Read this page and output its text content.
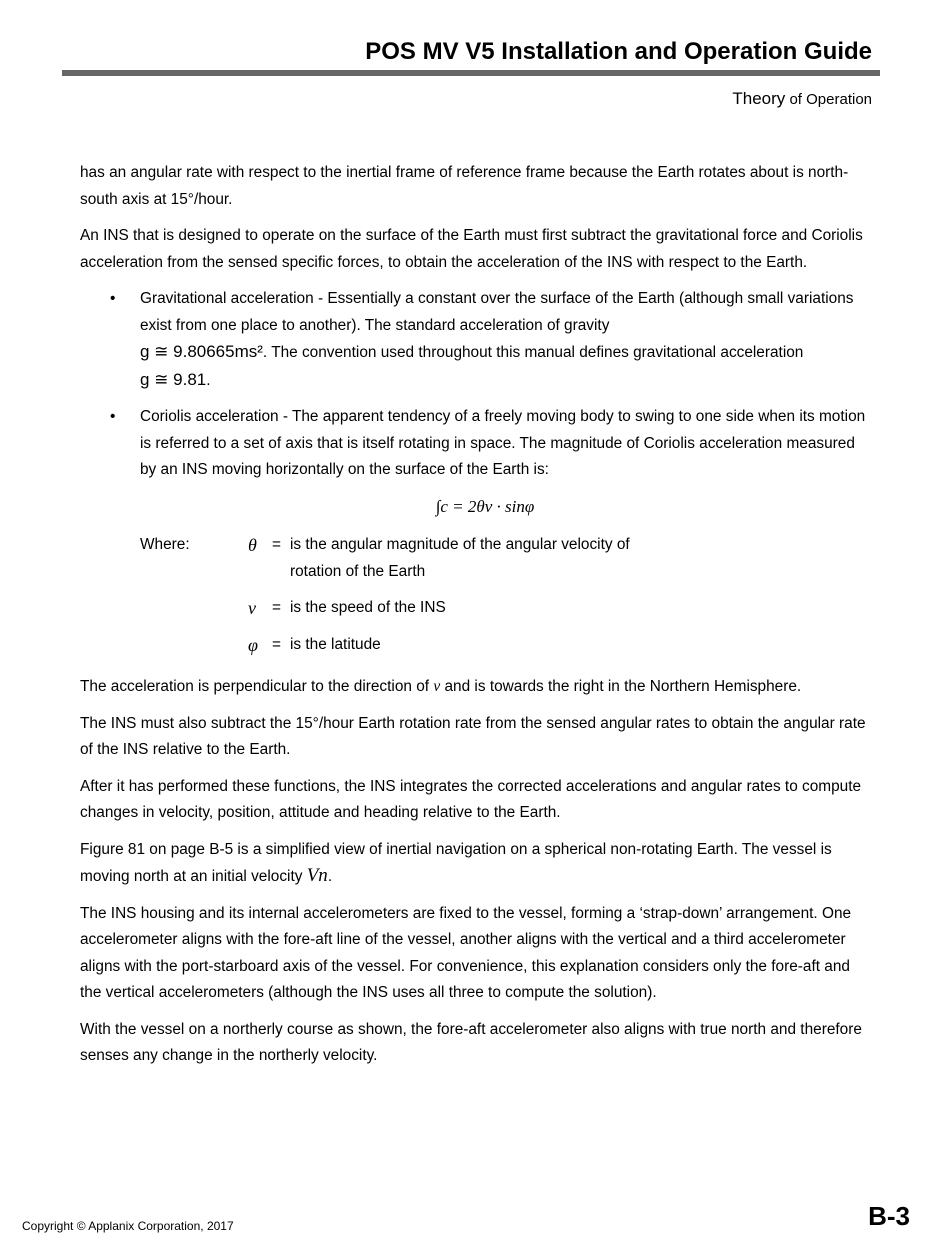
POS MV V5 Installation and Operation Guide
Theory of Operation

has an angular rate with respect to the inertial frame of reference frame because the Earth rotates about is north-south axis at 15°/hour.

An INS that is designed to operate on the surface of the Earth must first subtract the gravitational force and Coriolis acceleration from the sensed specific forces, to obtain the acceleration of the INS with respect to the Earth.

• Gravitational acceleration - Essentially a constant over the surface of the Earth (although small variations exist from one place to another). The standard acceleration of gravity
g ≅ 9.80665ms². The convention used throughout this manual defines gravitational acceleration
g ≅ 9.81.
• Coriolis acceleration - The apparent tendency of a freely moving body to swing to one side when its motion is referred to a set of axis that is itself rotating in space. The magnitude of Coriolis acceleration measured by an INS moving horizontally on the surface of the Earth is:
∫c = 2θν · sinφ
Where:	θ = is the angular magnitude of the angular velocity of rotation of the Earth
ν	= is the speed of the INS
φ = is the latitude

The acceleration is perpendicular to the direction of ν and is towards the right in the Northern Hemisphere.

The INS must also subtract the 15°/hour Earth rotation rate from the sensed angular rates to obtain the angular rate of the INS relative to the Earth.

After it has performed these functions, the INS integrates the corrected accelerations and angular rates to compute changes in velocity, position, attitude and heading relative to the Earth.

Figure 81 on page B-5 is a simplified view of inertial navigation on a spherical non-rotating Earth. The vessel is moving north at an initial velocity Vn.

The INS housing and its internal accelerometers are fixed to the vessel, forming a ‘strap-down’ arrangement. One accelerometer aligns with the fore-aft line of the vessel, another aligns with the vertical and a third accelerometer aligns with the port-starboard axis of the vessel. For convenience, this explanation considers only the fore-aft and the vertical accelerometers (although the INS uses all three to compute the solution).

With the vessel on a northerly course as shown, the fore-aft accelerometer also aligns with true north and therefore senses any change in the northerly velocity.

Copyright © Applanix Corporation, 2017	B-3
